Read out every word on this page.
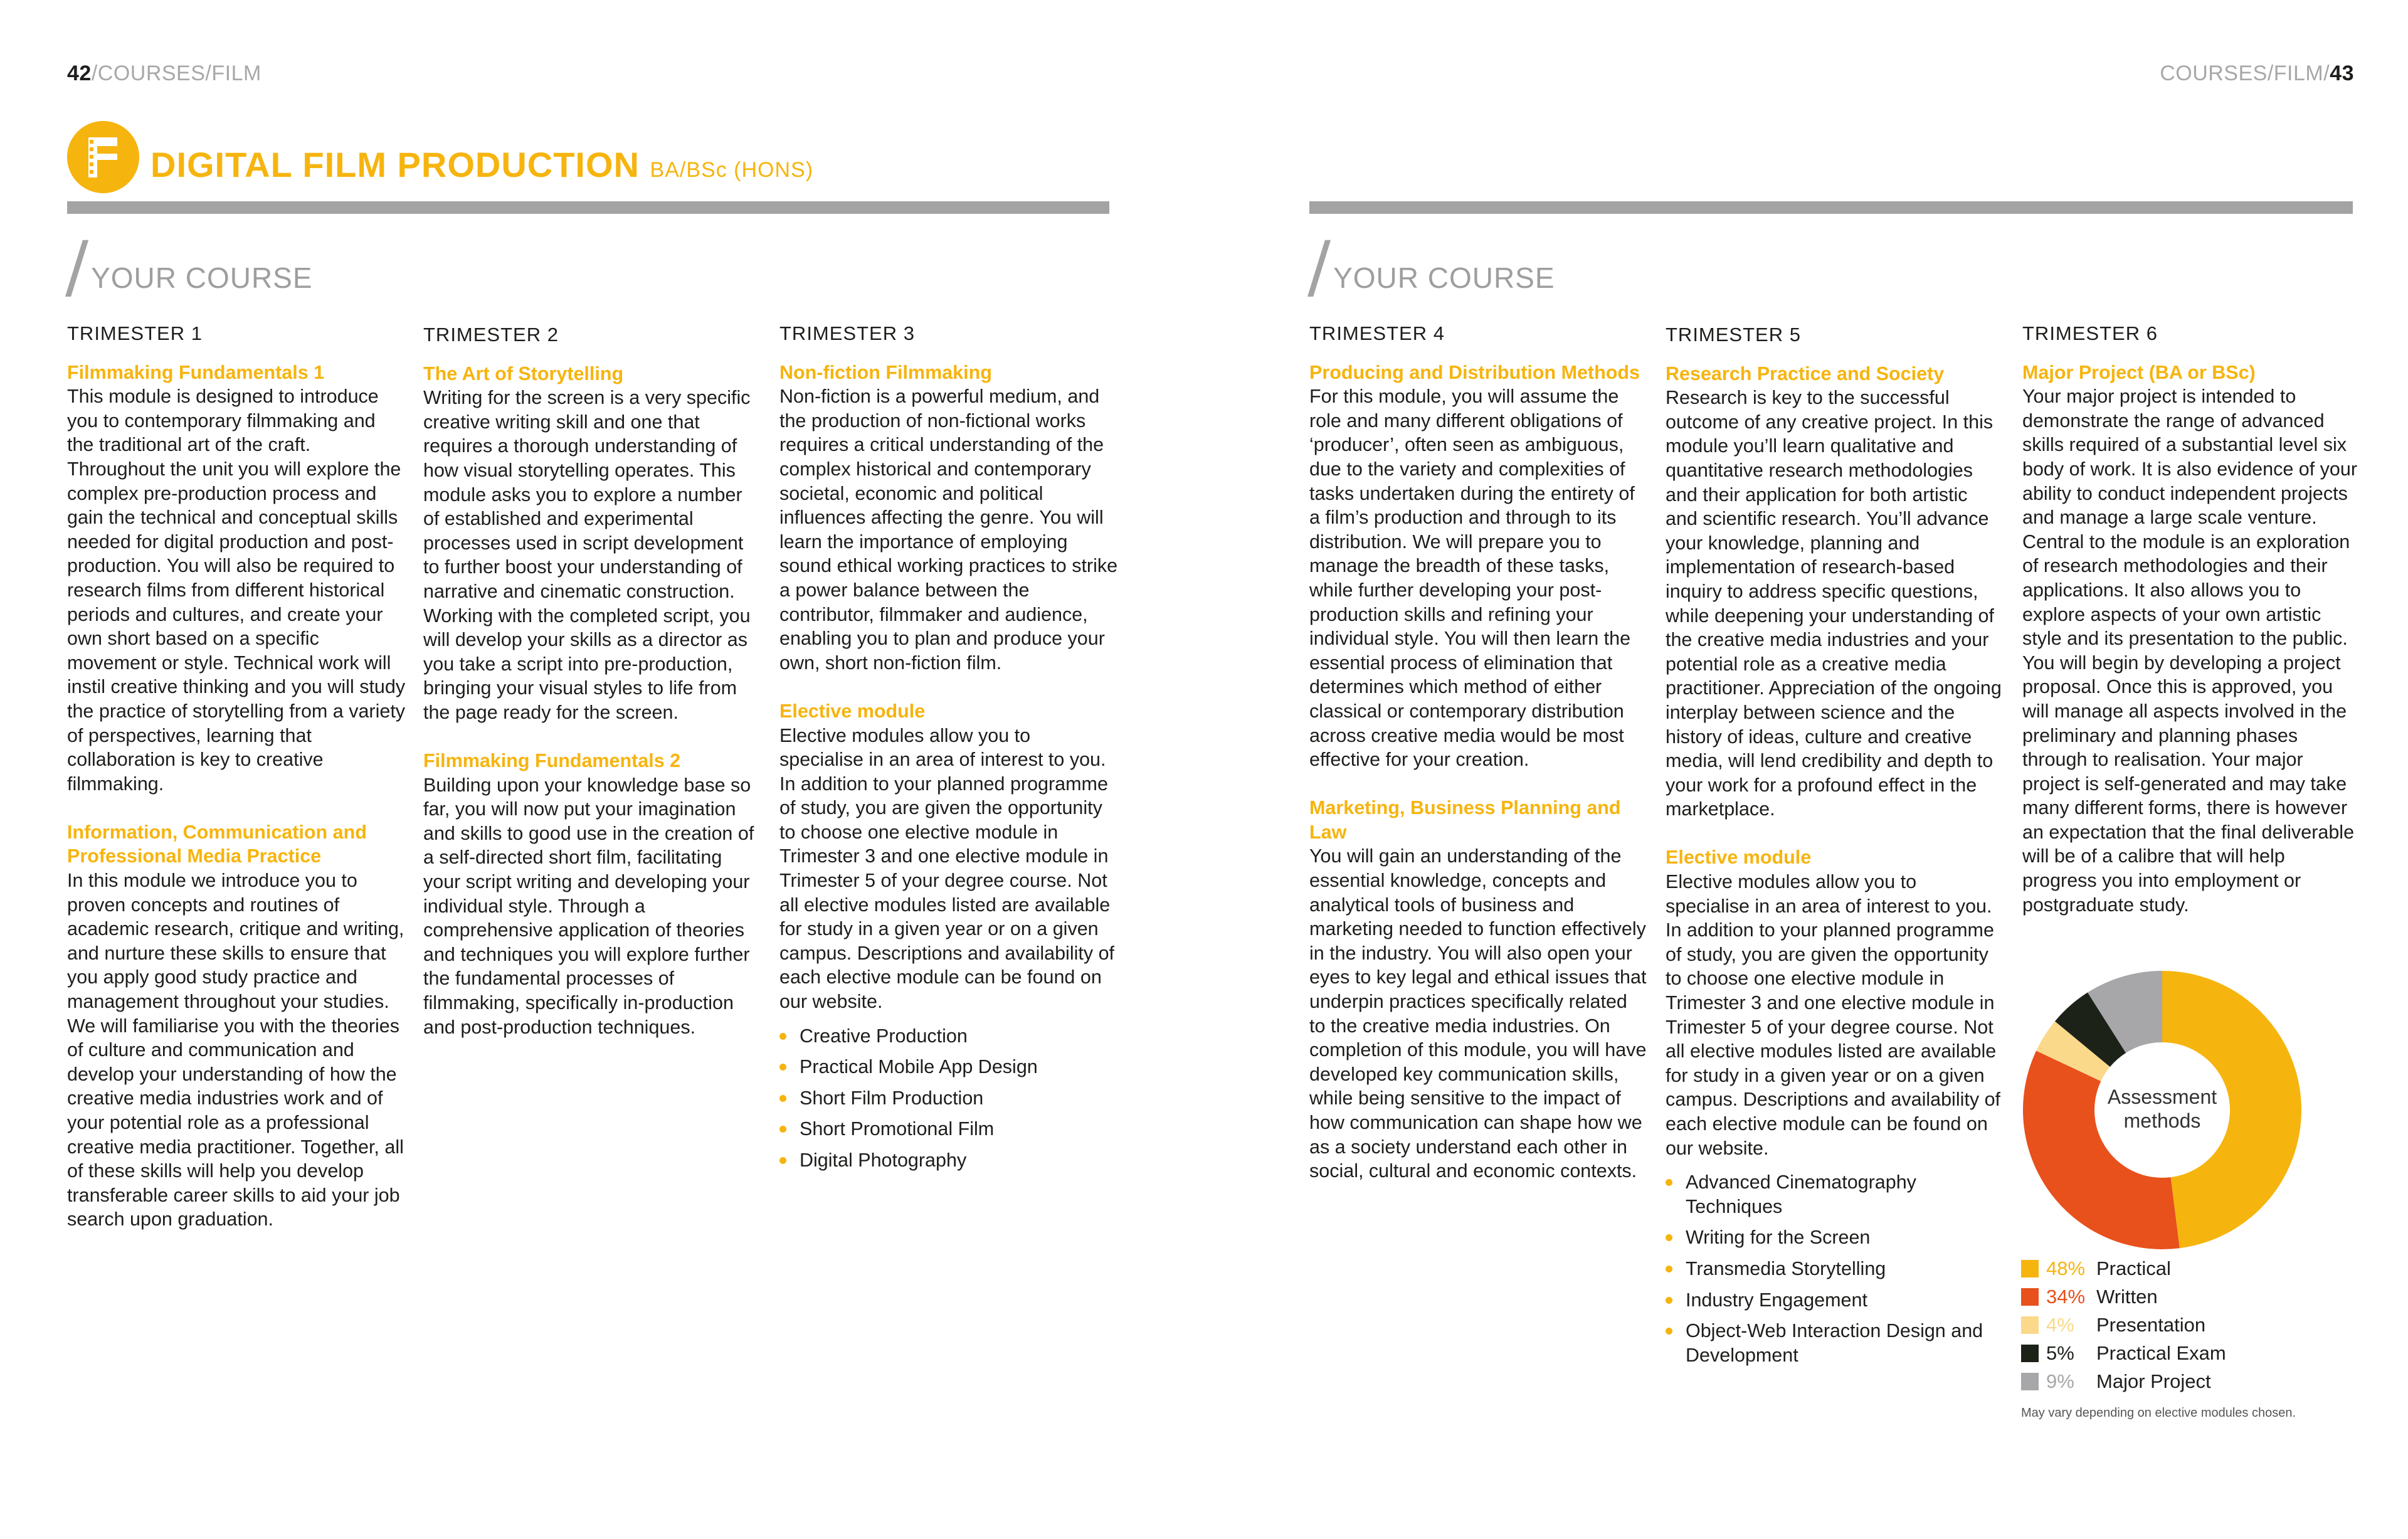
42/COURSES/FILM	COURSES/FILM/43
DIGITAL FILM PRODUCTION BA/BSc (HONS)
/YOUR COURSE	/YOUR COURSE
TRIMESTER 1
Filmmaking Fundamentals 1

This module is designed to introduce you to contemporary filmmaking and the traditional art of the craft. Throughout the unit you will explore the complex pre-production process and gain the technical and conceptual skills needed for digital production and post-production. You will also be required to research films from different historical periods and cultures, and create your own short based on a specific movement or style. Technical work will instil creative thinking and you will study the practice of storytelling from a variety of perspectives, learning that collaboration is key to creative filmmaking.

Information, Communication and Professional Media Practice

In this module we introduce you to proven concepts and routines of academic research, critique and writing, and nurture these skills to ensure that you apply good study practice and management throughout your studies. We will familiarise you with the theories of culture and communication and develop your understanding of how the creative media industries work and of your potential role as a professional creative media practitioner. Together, all of these skills will help you develop transferable career skills to aid your job search upon graduation.

TRIMESTER 2
The Art of Storytelling

Writing for the screen is a very specific creative writing skill and one that requires a thorough understanding of how visual storytelling operates. This module asks you to explore a number of established and experimental processes used in script development to further boost your understanding of narrative and cinematic construction. Working with the completed script, you will develop your skills as a director as you take a script into pre-production, bringing your visual styles to life from the page ready for the screen.

Filmmaking Fundamentals 2

Building upon your knowledge base so far, you will now put your imagination and skills to good use in the creation of a self-directed short film, facilitating your script writing and developing your individual style. Through a comprehensive application of theories and techniques you will explore further the fundamental processes of filmmaking, specifically in-production and post-production techniques.

TRIMESTER 3
Non-fiction Filmmaking

Non-fiction is a powerful medium, and the production of non-fictional works requires a critical understanding of the complex historical and contemporary societal, economic and political influences affecting the genre. You will learn the importance of employing sound ethical working practices to strike a power balance between the contributor, filmmaker and audience, enabling you to plan and produce your own, short non-fiction film.

Elective module

Elective modules allow you to specialise in an area of interest to you. In addition to your planned programme of study, you are given the opportunity to choose one elective module in Trimester 3 and one elective module in Trimester 5 of your degree course. Not all elective modules listed are available for study in a given year or on a given campus. Descriptions and availability of each elective module can be found on our website.

Creative Production
Practical Mobile App Design
Short Film Production
Short Promotional Film
Digital Photography
TRIMESTER 4
Producing and Distribution Methods

For this module, you will assume the role and many different obligations of ‘producer’, often seen as ambiguous, due to the variety and complexities of tasks undertaken during the entirety of a film’s production and through to its distribution. We will prepare you to manage the breadth of these tasks, while further developing your post-production skills and refining your individual style. You will then learn the essential process of elimination that determines which method of either classical or contemporary distribution across creative media would be most effective for your creation.

Marketing, Business Planning and Law

You will gain an understanding of the essential knowledge, concepts and analytical tools of business and marketing needed to function effectively in the industry. You will also open your eyes to key legal and ethical issues that underpin practices specifically related to the creative media industries. On completion of this module, you will have developed key communication skills, while being sensitive to the impact of how communication can shape how we as a society understand each other in social, cultural and economic contexts.

TRIMESTER 5
Research Practice and Society

Research is key to the successful outcome of any creative project. In this module you’ll learn qualitative and quantitative research methodologies and their application for both artistic and scientific research. You’ll advance your knowledge, planning and implementation of research-based inquiry to address specific questions, while deepening your understanding of the creative media industries and your potential role as a creative media practitioner. Appreciation of the ongoing interplay between science and the history of ideas, culture and creative media, will lend credibility and depth to your work for a profound effect in the marketplace.

Elective module

Elective modules allow you to specialise in an area of interest to you. In addition to your planned programme of study, you are given the opportunity to choose one elective module in Trimester 3 and one elective module in Trimester 5 of your degree course. Not all elective modules listed are available for study in a given year or on a given campus. Descriptions and availability of each elective module can be found on our website.

Advanced Cinematography Techniques
Writing for the Screen
Transmedia Storytelling
Industry Engagement
Object-Web Interaction Design and Development
TRIMESTER 6
Major Project (BA or BSc)

Your major project is intended to demonstrate the range of advanced skills required of a substantial level six body of work. It is also evidence of your ability to conduct independent projects and manage a large scale venture. Central to the module is an exploration of research methodologies and their applications. It also allows you to explore aspects of your own artistic style and its presentation to the public. You will begin by developing a project proposal. Once this is approved, you will manage all aspects involved in the preliminary and planning phases through to realisation. Your major project is self-generated and may take many different forms, there is however an expectation that the final deliverable will be of a calibre that will help progress you into employment or postgraduate study.

Assessment
methods
48% Practical
34% Written
4%	Presentation
5%	Practical Exam
9%	Major Project
May vary depending on elective modules chosen.
